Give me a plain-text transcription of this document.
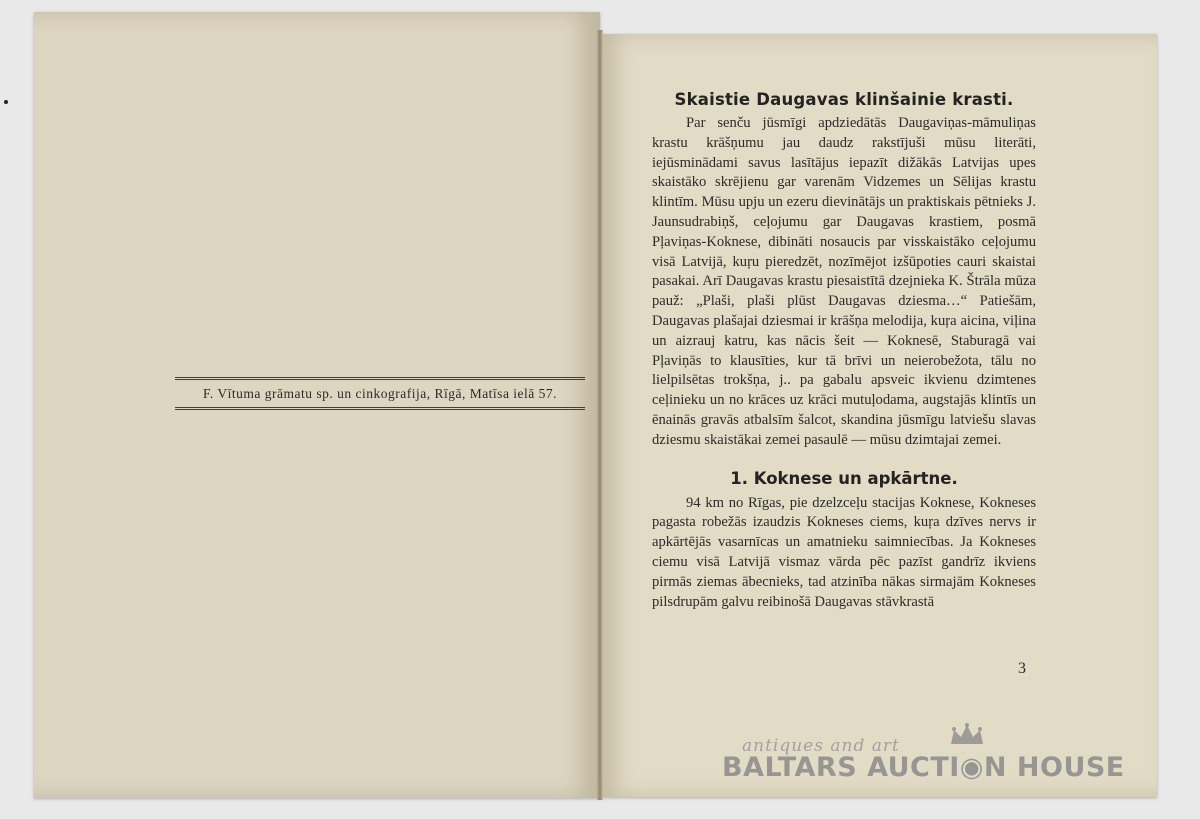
F. Vītuma grāmatu sp. un cinkografija, Rīgā, Matīsa ielā 57.
Skaistie Daugavas klinšainie krasti.

Par senču jūsmīgi apdziedātās Daugaviņas-māmuliņas krastu krāšņumu jau daudz rakstījuši mūsu literāti, iejūsminādami savus lasītājus iepazīt dižākās Latvijas upes skaistāko skrējienu gar varenām Vidzemes un Sēlijas krastu klintīm. Mūsu upju un ezeru dievinātājs un praktiskais pētnieks J. Jaunsudrabiņš, ceļojumu gar Daugavas krastiem, posmā Pļaviņas-Koknese, dibināti nosaucis par visskaistāko ceļojumu visā Latvijā, kuŗu pieredzēt, nozīmējot izšūpoties cauri skaistai pasakai. Arī Daugavas krastu piesaistītā dzejnieka K. Štrāla mūza pauž: „Plaši, plaši plūst Daugavas dziesma…“ Patiešām, Daugavas plašajai dziesmai ir krāšņa melodija, kuŗa aicina, viļina un aizrauj katru, kas nācis šeit — Koknesē, Staburagā vai Pļaviņās to klausīties, kur tā brīvi un neierobežota, tālu no lielpilsētas trokšņa, j.. pa gabalu apsveic ikvienu dzimtenes ceļinieku un no krāces uz krāci mutuļodama, augstajās klintīs un ēnainās gravās atbalsīm šalcot, skandina jūsmīgu latviešu slavas dziesmu skaistākai zemei pasaulē — mūsu dzimtajai zemei.

1. Koknese un apkārtne.

94 km no Rīgas, pie dzelzceļu stacijas Koknese, Kokneses pagasta robežās izaudzis Kokneses ciems, kuŗa dzīves nervs ir apkārtējās vasarnīcas un amatnieku saimniecības. Ja Kokneses ciemu visā Latvijā vismaz vārda pēc pazīst gandrīz ikviens pirmās ziemas ābecnieks, tad atzinība nākas sirmajām Kokneses pilsdrupām galvu reibinošā Daugavas stāvkrastā

3
antiques and art
BALTARS AUCTI◉N HOUSE
